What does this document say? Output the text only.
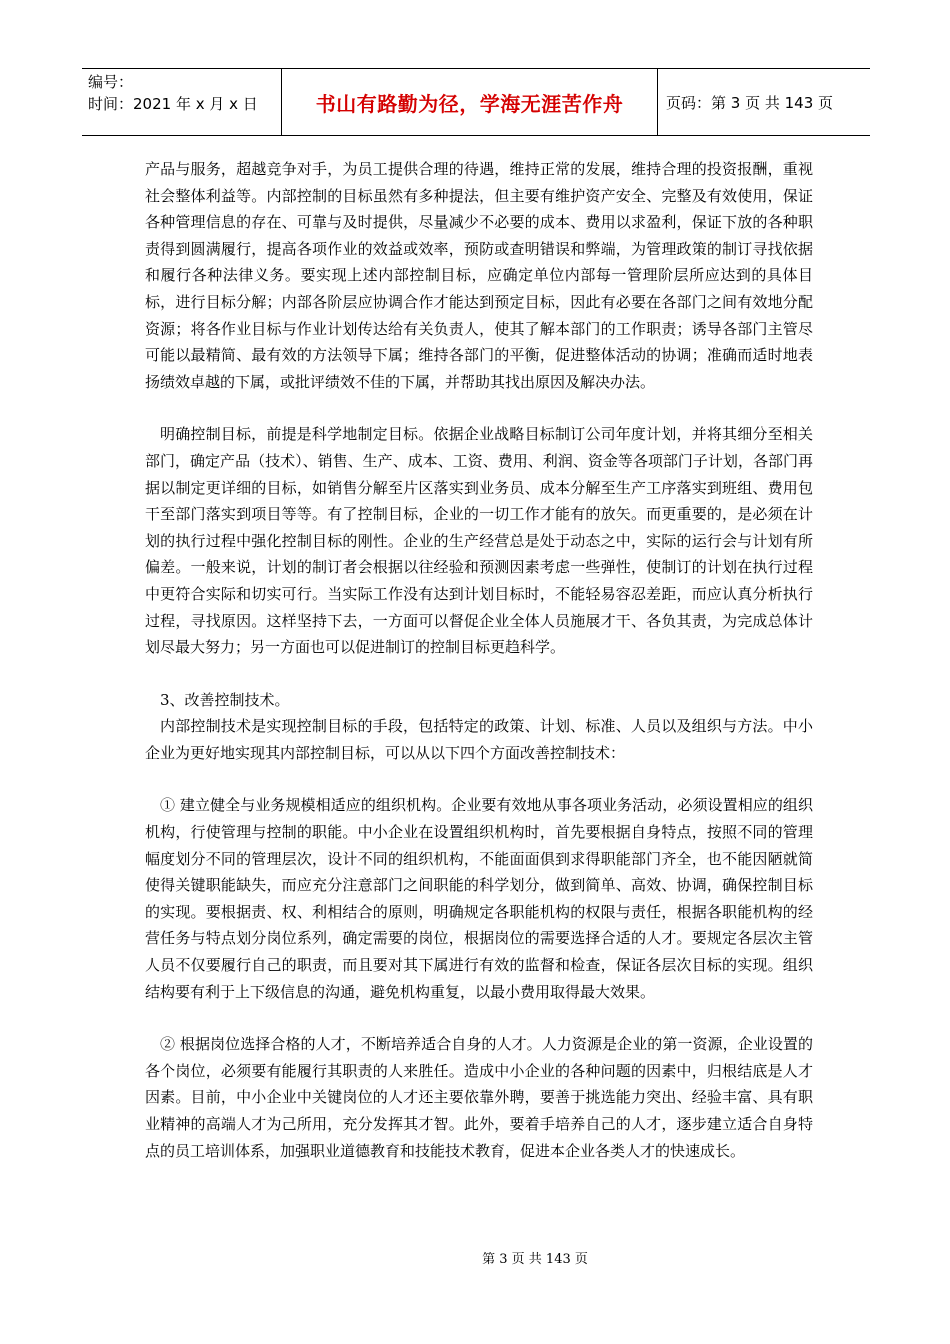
编号：
时间：2021 年 x 月 x 日	书山有路勤为径，学海无涯苦作舟	页码：第 3 页 共 143 页

产品与服务，超越竞争对手，为员工提供合理的待遇，维持正常的发展，维持合理的投资报酬，重视社会整体利益等。内部控制的目标虽然有多种提法，但主要有维护资产安全、完整及有效使用，保证各种管理信息的存在、可靠与及时提供，尽量减少不必要的成本、费用以求盈利，保证下放的各种职责得到圆满履行，提高各项作业的效益或效率，预防或查明错误和弊端，为管理政策的制订寻找依据和履行各种法律义务。要实现上述内部控制目标，应确定单位内部每一管理阶层所应达到的具体目标，进行目标分解；内部各阶层应协调合作才能达到预定目标，因此有必要在各部门之间有效地分配资源；将各作业目标与作业计划传达给有关负责人，使其了解本部门的工作职责；诱导各部门主管尽可能以最精简、最有效的方法领导下属；维持各部门的平衡，促进整体活动的协调；准确而适时地表扬绩效卓越的下属，或批评绩效不佳的下属，并帮助其找出原因及解决办法。

明确控制目标，前提是科学地制定目标。依据企业战略目标制订公司年度计划，并将其细分至相关部门，确定产品（技术）、销售、生产、成本、工资、费用、利润、资金等各项部门子计划，各部门再据以制定更详细的目标，如销售分解至片区落实到业务员、成本分解至生产工序落实到班组、费用包干至部门落实到项目等等。有了控制目标，企业的一切工作才能有的放矢。而更重要的，是必须在计划的执行过程中强化控制目标的刚性。企业的生产经营总是处于动态之中，实际的运行会与计划有所偏差。一般来说，计划的制订者会根据以往经验和预测因素考虑一些弹性，使制订的计划在执行过程中更符合实际和切实可行。当实际工作没有达到计划目标时，不能轻易容忍差距，而应认真分析执行过程，寻找原因。这样坚持下去，一方面可以督促企业全体人员施展才干、各负其责，为完成总体计划尽最大努力；另一方面也可以促进制订的控制目标更趋科学。

3、改善控制技术。

内部控制技术是实现控制目标的手段，包括特定的政策、计划、标准、人员以及组织与方法。中小企业为更好地实现其内部控制目标，可以从以下四个方面改善控制技术：

① 建立健全与业务规模相适应的组织机构。企业要有效地从事各项业务活动，必须设置相应的组织机构，行使管理与控制的职能。中小企业在设置组织机构时，首先要根据自身特点，按照不同的管理幅度划分不同的管理层次，设计不同的组织机构，不能面面俱到求得职能部门齐全，也不能因陋就简使得关键职能缺失，而应充分注意部门之间职能的科学划分，做到简单、高效、协调，确保控制目标的实现。要根据责、权、利相结合的原则，明确规定各职能机构的权限与责任，根据各职能机构的经营任务与特点划分岗位系列，确定需要的岗位，根据岗位的需要选择合适的人才。要规定各层次主管人员不仅要履行自己的职责，而且要对其下属进行有效的监督和检查，保证各层次目标的实现。组织结构要有利于上下级信息的沟通，避免机构重复，以最小费用取得最大效果。

② 根据岗位选择合格的人才，不断培养适合自身的人才。人力资源是企业的第一资源，企业设置的各个岗位，必须要有能履行其职责的人来胜任。造成中小企业的各种问题的因素中，归根结底是人才因素。目前，中小企业中关键岗位的人才还主要依靠外聘，要善于挑选能力突出、经验丰富、具有职业精神的高端人才为己所用，充分发挥其才智。此外，要着手培养自己的人才，逐步建立适合自身特点的员工培训体系，加强职业道德教育和技能技术教育，促进本企业各类人才的快速成长。

第 3 页 共 143 页
